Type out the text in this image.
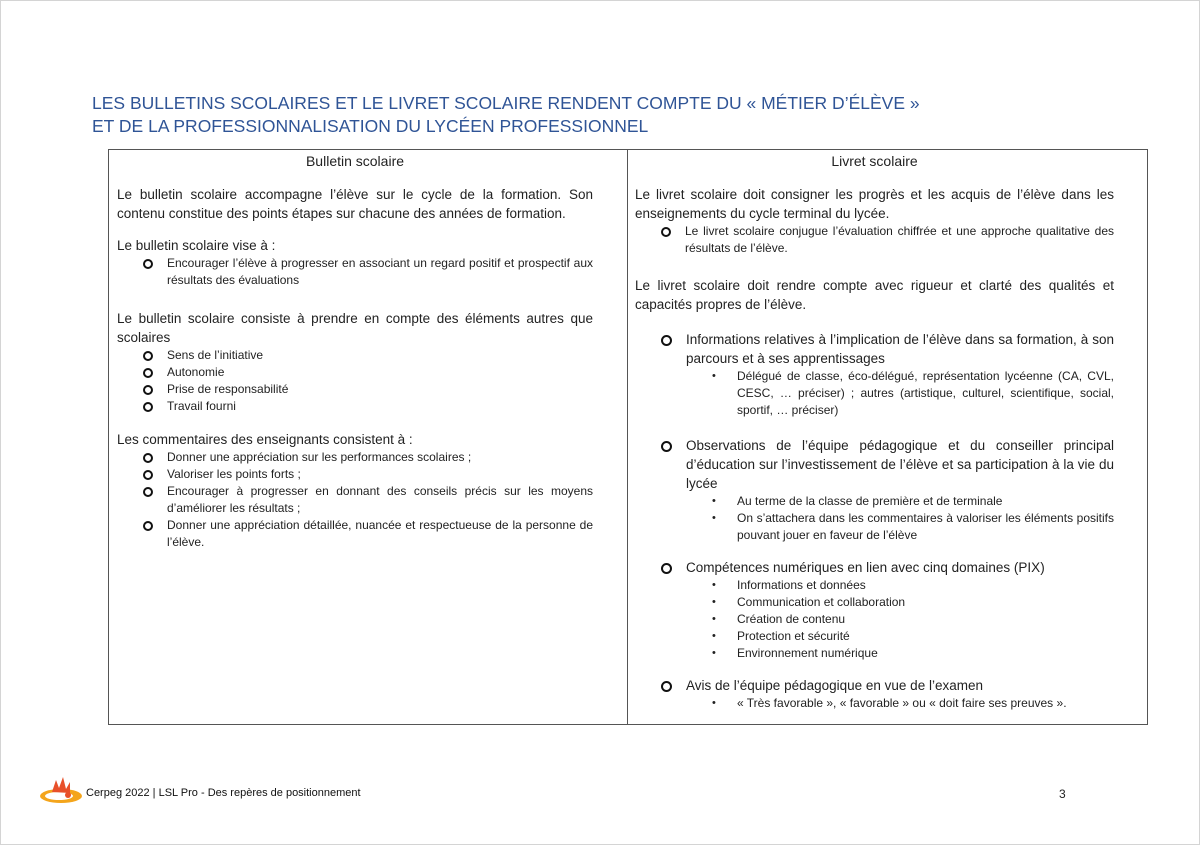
LES BULLETINS SCOLAIRES ET LE LIVRET SCOLAIRE RENDENT COMPTE DU « MÉTIER D’ÉLÈVE »
ET DE LA PROFESSIONNALISATION DU LYCÉEN PROFESSIONNEL
Bulletin scolaire

Le bulletin scolaire accompagne l’élève sur le cycle de la formation. Son contenu constitue des points étapes sur chacune des années de formation.

Le bulletin scolaire vise à :

Encourager l’élève à progresser en associant un regard positif et prospectif aux résultats des évaluations

Le bulletin scolaire consiste à prendre en compte des éléments autres que scolaires

Sens de l’initiative
Autonomie
Prise de responsabilité
Travail fourni

Les commentaires des enseignants consistent à :

Donner une appréciation sur les performances scolaires ;
Valoriser les points forts ;
Encourager à progresser en donnant des conseils précis sur les moyens d’améliorer les résultats ;
Donner une appréciation détaillée, nuancée et respectueuse de la personne de l’élève.
Livret scolaire

Le livret scolaire doit consigner les progrès et les acquis de l’élève dans les enseignements du cycle terminal du lycée.

Le livret scolaire conjugue l’évaluation chiffrée et une approche qualitative des résultats de l’élève.

Le livret scolaire doit rendre compte avec rigueur et clarté des qualités et capacités propres de l’élève.

Informations relatives à l’implication de l’élève dans sa formation, à son parcours et à ses apprentissages
• Délégué de classe, éco-délégué, représentation lycéenne (CA, CVL, CESC, … préciser) ; autres (artistique, culturel, scientifique, social, sportif, … préciser)
Observations de l’équipe pédagogique et du conseiller principal d’éducation sur l’investissement de l’élève et sa participation à la vie du lycée
• Au terme de la classe de première et de terminale
• On s’attachera dans les commentaires à valoriser les éléments positifs pouvant jouer en faveur de l’élève
Compétences numériques en lien avec cinq domaines (PIX)
• Informations et données
• Communication et collaboration
• Création de contenu
• Protection et sécurité
• Environnement numérique
Avis de l’équipe pédagogique en vue de l’examen
• « Très favorable », « favorable » ou « doit faire ses preuves ».
Cerpeg 2022 | LSL Pro - Des repères de positionnement	3
